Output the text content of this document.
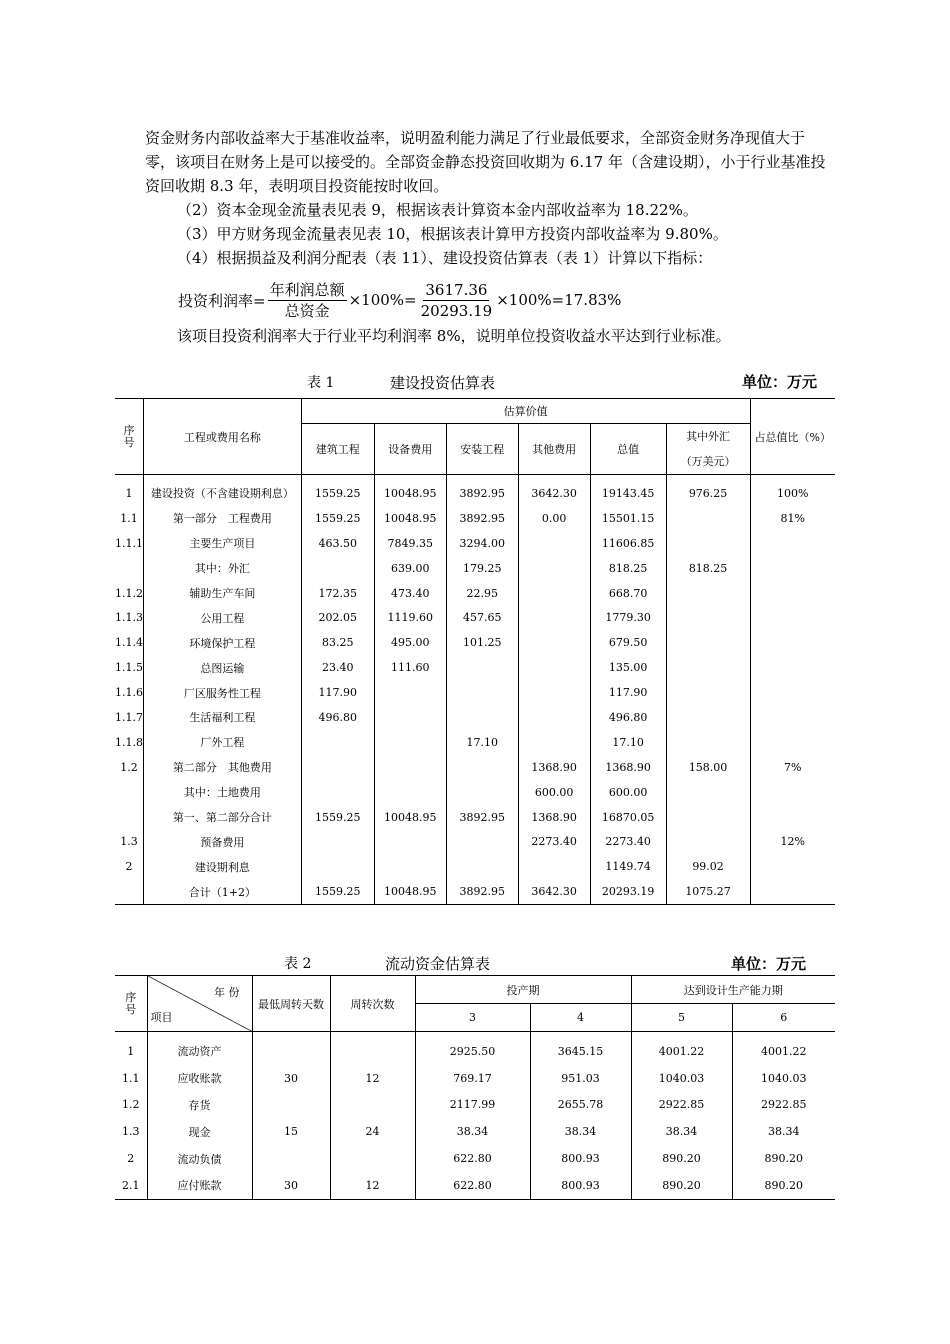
资金财务内部收益率大于基准收益率，说明盈利能力满足了行业最低要求，全部资金财务净现值大于零，该项目在财务上是可以接受的。全部资金静态投资回收期为 6.17 年（含建设期），小于行业基准投资回收期 8.3 年，表明项目投资能按时收回。

（2）资本金现金流量表见表 9，根据该表计算资本金内部收益率为 18.22%。

（3）甲方财务现金流量表见表 10，根据该表计算甲方投资内部收益率为 9.80%。

（4）根据损益及利润分配表（表 11）、建设投资估算表（表 1）计算以下指标：

投资利润率= $\frac{\text{年利润总额}}{\text{总资金}} \times 100\%= \frac{3617.36}{20293.19} \times 100\%=17.83\%$

该项目投资利润率大于行业平均利润率 8%，说明单位投资收益水平达到行业标准。

表 1	建设投资估算表	单位：万元
序号	工程或费用名称	估算价值						占总值比（%）
		建筑工程	设备费用	安装工程	其他费用	总值	其中外汇
（万美元）	

1	建设投资（不含建设期利息）	1559.25	10048.95	3892.95	3642.30	19143.45	976.25	100%
1.1	第一部分　工程费用	1559.25	10048.95	3892.95	0.00	15501.15		81%
1.1.1	主要生产项目	463.50	7849.35	3294.00		11606.85		
	其中：外汇		639.00	179.25		818.25	818.25	
1.1.2	辅助生产车间	172.35	473.40	22.95		668.70		
1.1.3	公用工程	202.05	1119.60	457.65		1779.30		
1.1.4	环境保护工程	83.25	495.00	101.25		679.50		
1.1.5	总图运输	23.40	111.60			135.00		
1.1.6	厂区服务性工程	117.90				117.90		
1.1.7	生活福利工程	496.80				496.80		
1.1.8	厂外工程			17.10		17.10		
1.2	第二部分　其他费用				1368.90	1368.90	158.00	7%
	其中：土地费用				600.00	600.00		
	第一、第二部分合计	1559.25	10048.95	3892.95	1368.90	16870.05		
1.3	预备费用				2273.40	2273.40		12%
2	建设期利息					1149.74	99.02	
	合计（1+2）	1559.25	10048.95	3892.95	3642.30	20293.19	1075.27	
表 2	流动资金估算表	单位：万元
序号	年 份
项目	最低周转天数	周转次数	投产期		达到设计生产能力期	
				3	4	5	6
1	流动资产			2925.50	3645.15	4001.22	4001.22
1.1	应收账款	30	12	769.17	951.03	1040.03	1040.03
1.2	存货			2117.99	2655.78	2922.85	2922.85
1.3	现金	15	24	38.34	38.34	38.34	38.34
2	流动负债			622.80	800.93	890.20	890.20
2.1	应付账款	30	12	622.80	800.93	890.20	890.20
